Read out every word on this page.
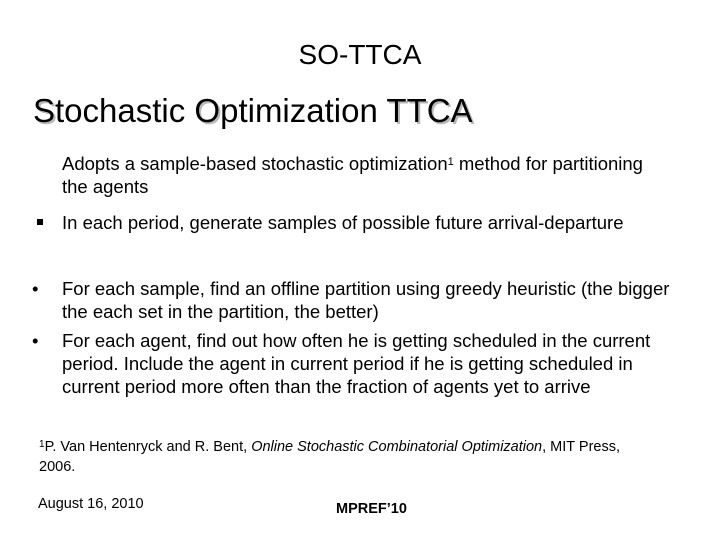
SO-TTCA
Stochastic Optimization TTCA
Adopts a sample-based stochastic optimization$^1$ method for partitioning the agents
In each period, generate samples of possible future arrival-departure
• For each sample, find an offline partition using greedy heuristic (the bigger the each set in the partition, the better)
• For each agent, find out how often he is getting scheduled in the current period. Include the agent in current period if he is getting scheduled in current period more often than the fraction of agents yet to arrive
$^1$P. Van Hentenryck and R. Bent, Online Stochastic Combinatorial Optimization, MIT Press, 2006.
August 16, 2010	MPREF’10
